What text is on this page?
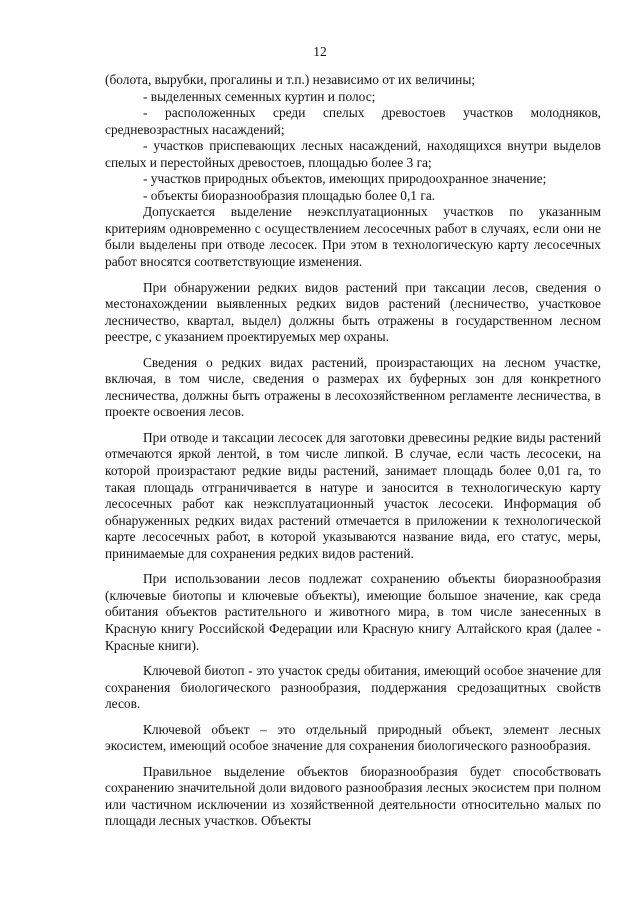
12

(болота, вырубки, прогалины и т.п.) независимо от их величины;

- выделенных семенных куртин и полос;

- расположенных среди спелых древостоев участков молодняков, средневозрастных насаждений;

- участков приспевающих лесных насаждений, находящихся внутри выделов спелых и перестойных древостоев, площадью более 3 га;

- участков природных объектов, имеющих природоохранное значение;

- объекты биоразнообразия площадью более 0,1 га.

Допускается выделение неэксплуатационных участков по указанным критериям одновременно с осуществлением лесосечных работ в случаях, если они не были выделены при отводе лесосек. При этом в технологическую карту лесосечных работ вносятся соответствующие изменения.

При обнаружении редких видов растений при таксации лесов, сведения о местонахождении выявленных редких видов растений (лесничество, участковое лесничество, квартал, выдел) должны быть отражены в государственном лесном реестре, с указанием проектируемых мер охраны.

Сведения о редких видах растений, произрастающих на лесном участке, включая, в том числе, сведения о размерах их буферных зон для конкретного лесничества, должны быть отражены в лесохозяйственном регламенте лесничества, в проекте освоения лесов.

При отводе и таксации лесосек для заготовки древесины редкие виды растений отмечаются яркой лентой, в том числе липкой. В случае, если часть лесосеки, на которой произрастают редкие виды растений, занимает площадь более 0,01 га, то такая площадь отграничивается в натуре и заносится в технологическую карту лесосечных работ как неэксплуатационный участок лесосеки. Информация об обнаруженных редких видах растений отмечается в приложении к технологической карте лесосечных работ, в которой указываются название вида, его статус, меры, принимаемые для сохранения редких видов растений.

При использовании лесов подлежат сохранению объекты биоразнообразия (ключевые биотопы и ключевые объекты), имеющие большое значение, как среда обитания объектов растительного и животного мира, в том числе занесенных в Красную книгу Российской Федерации или Красную книгу Алтайского края (далее - Красные книги).

Ключевой биотоп - это участок среды обитания, имеющий особое значение для сохранения биологического разнообразия, поддержания средозащитных свойств лесов.

Ключевой объект – это отдельный природный объект, элемент лесных экосистем, имеющий особое значение для сохранения биологического разнообразия.

Правильное выделение объектов биоразнообразия будет способствовать сохранению значительной доли видового разнообразия лесных экосистем при полном или частичном исключении из хозяйственной деятельности относительно малых по площади лесных участков. Объекты
